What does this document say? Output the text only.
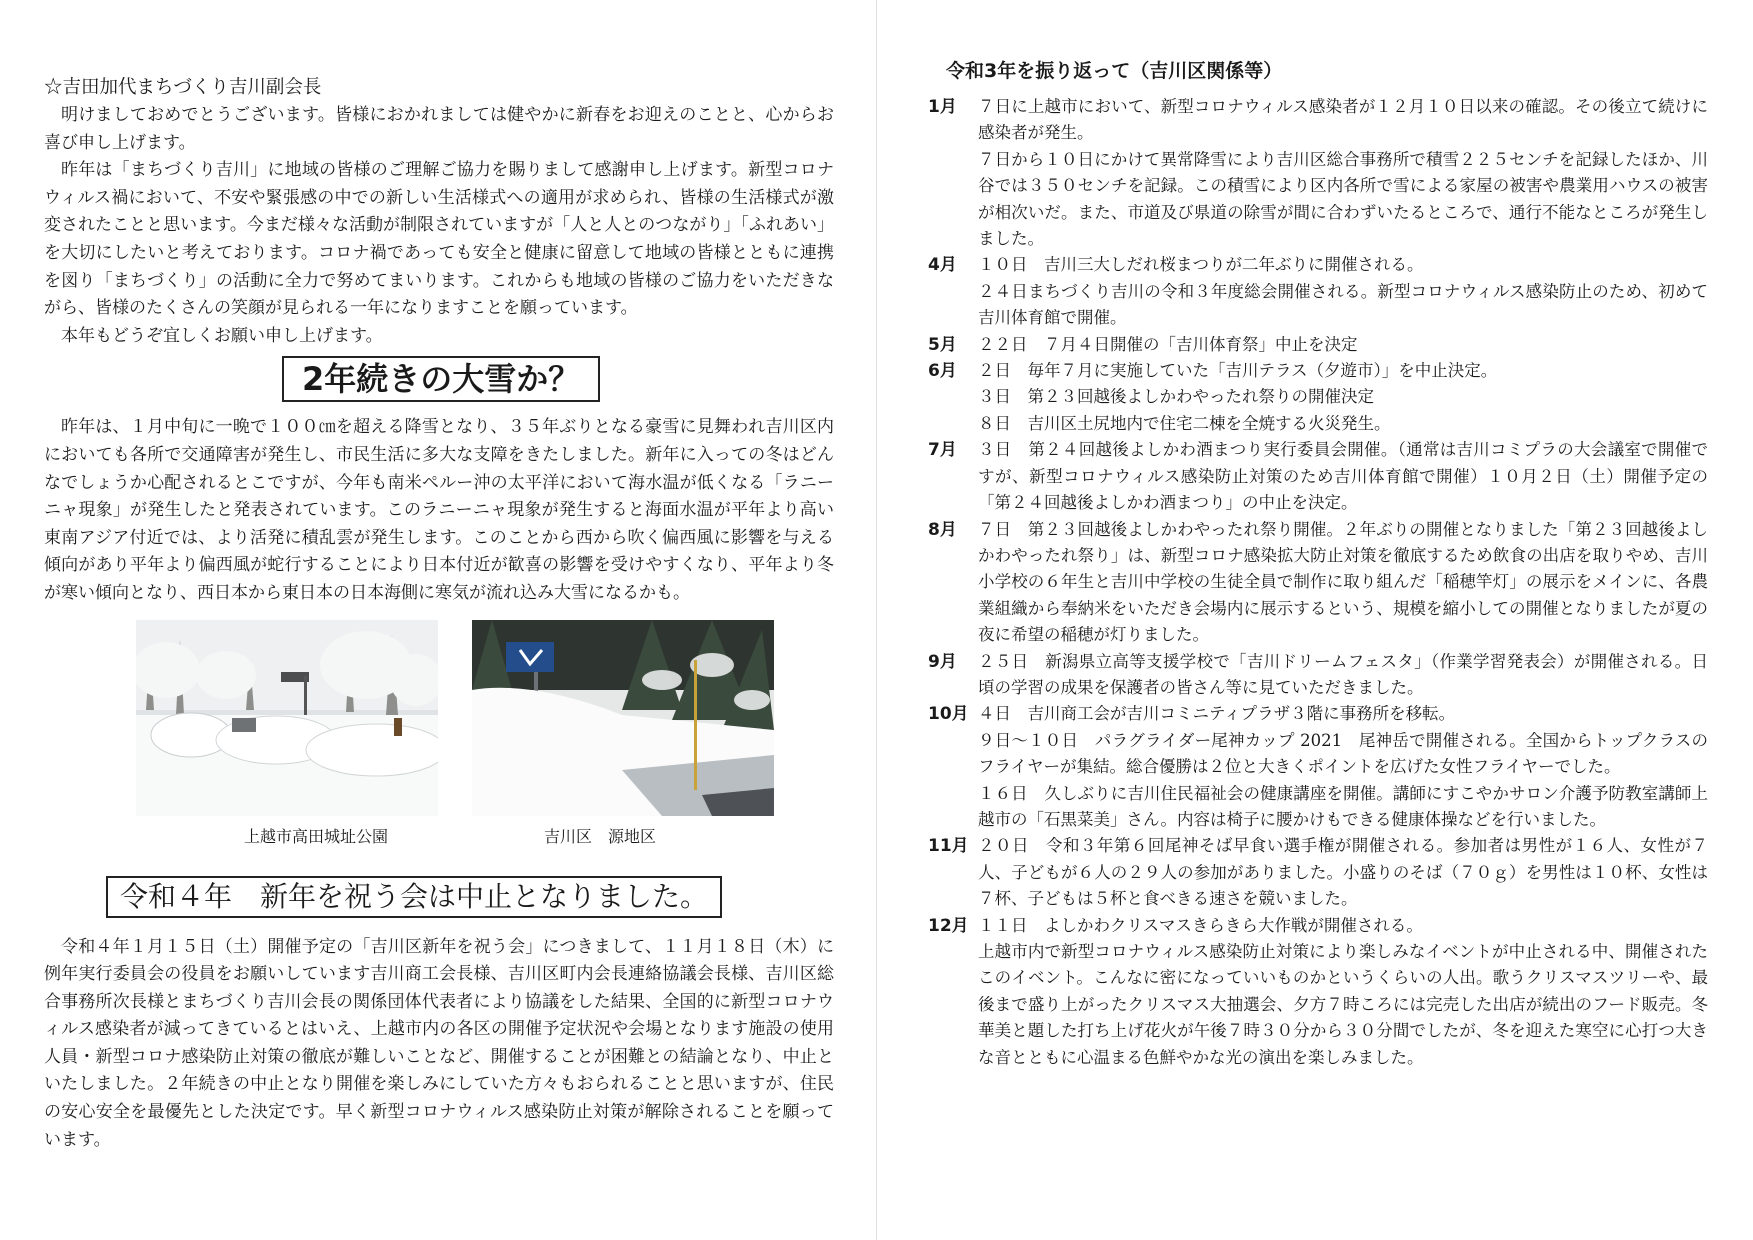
☆吉田加代まちづくり吉川副会長

明けましておめでとうございます。皆様におかれましては健やかに新春をお迎えのことと、心からお喜び申し上げます。

昨年は「まちづくり吉川」に地域の皆様のご理解ご協力を賜りまして感謝申し上げます。新型コロナウィルス禍において、不安や緊張感の中での新しい生活様式への適用が求められ、皆様の生活様式が激変されたことと思います。今まだ様々な活動が制限されていますが「人と人とのつながり」「ふれあい」を大切にしたいと考えております。コロナ禍であっても安全と健康に留意して地域の皆様とともに連携を図り「まちづくり」の活動に全力で努めてまいります。これからも地域の皆様のご協力をいただきながら、皆様のたくさんの笑顔が見られる一年になりますことを願っています。

本年もどうぞ宜しくお願い申し上げます。

2年続きの大雪か？

昨年は、１月中旬に一晩で１００㎝を超える降雪となり、３５年ぶりとなる豪雪に見舞われ吉川区内においても各所で交通障害が発生し、市民生活に多大な支障をきたしました。新年に入っての冬はどんなでしょうか心配されるとこですが、今年も南米ペルー沖の太平洋において海水温が低くなる「ラニーニャ現象」が発生したと発表されています。このラニーニャ現象が発生すると海面水温が平年より高い東南アジア付近では、より活発に積乱雲が発生します。このことから西から吹く偏西風に影響を与える傾向があり平年より偏西風が蛇行することにより日本付近が歓喜の影響を受けやすくなり、平年より冬が寒い傾向となり、西日本から東日本の日本海側に寒気が流れ込み大雪になるかも。

上越市高田城址公園	吉川区　源地区
令和４年　新年を祝う会は中止となりました。

令和４年１月１５日（土）開催予定の「吉川区新年を祝う会」につきまして、１１月１８日（木）に例年実行委員会の役員をお願いしています吉川商工会長様、吉川区町内会長連絡協議会長様、吉川区総合事務所次長様とまちづくり吉川会長の関係団体代表者により協議をした結果、全国的に新型コロナウィルス感染者が減ってきているとはいえ、上越市内の各区の開催予定状況や会場となります施設の使用人員・新型コロナ感染防止対策の徹底が難しいことなど、開催することが困難との結論となり、中止といたしました。２年続きの中止となり開催を楽しみにしていた方々もおられることと思いますが、住民の安心安全を最優先とした決定です。早く新型コロナウィルス感染防止対策が解除されることを願っています。

令和3年を振り返って（吉川区関係等）
1月	７日に上越市において、新型コロナウィルス感染者が１２月１０日以来の確認。その後立て続けに感染者が発生。

７日から１０日にかけて異常降雪により吉川区総合事務所で積雪２２５センチを記録したほか、川谷では３５０センチを記録。この積雪により区内各所で雪による家屋の被害や農業用ハウスの被害が相次いだ。また、市道及び県道の除雪が間に合わずいたるところで、通行不能なところが発生しました。

4月	１０日　吉川三大しだれ桜まつりが二年ぶりに開催される。

２４日まちづくり吉川の令和３年度総会開催される。新型コロナウィルス感染防止のため、初めて吉川体育館で開催。

5月	２２日　７月４日開催の「吉川体育祭」中止を決定

6月	２日　毎年７月に実施していた「吉川テラス（夕遊市）」を中止決定。

３日　第２３回越後よしかわやったれ祭りの開催決定

８日　吉川区土尻地内で住宅二棟を全焼する火災発生。

7月	３日　第２４回越後よしかわ酒まつり実行委員会開催。（通常は吉川コミプラの大会議室で開催ですが、新型コロナウィルス感染防止対策のため吉川体育館で開催）１０月２日（土）開催予定の「第２４回越後よしかわ酒まつり」の中止を決定。

8月	７日　第２３回越後よしかわやったれ祭り開催。２年ぶりの開催となりました「第２３回越後よしかわやったれ祭り」は、新型コロナ感染拡大防止対策を徹底するため飲食の出店を取りやめ、吉川小学校の６年生と吉川中学校の生徒全員で制作に取り組んだ「稲穂竿灯」の展示をメインに、各農業組織から奉納米をいただき会場内に展示するという、規模を縮小しての開催となりましたが夏の夜に希望の稲穂が灯りました。

9月	２５日　新潟県立高等支援学校で「吉川ドリームフェスタ」（作業学習発表会）が開催される。日頃の学習の成果を保護者の皆さん等に見ていただきました。

10月 ４日　吉川商工会が吉川コミニティプラザ３階に事務所を移転。

９日～１０日　パラグライダー尾神カップ 2021　尾神岳で開催される。全国からトップクラスのフライヤーが集結。総合優勝は２位と大きくポイントを広げた女性フライヤーでした。

１６日　久しぶりに吉川住民福祉会の健康講座を開催。講師にすこやかサロン介護予防教室講師上越市の「石黒菜美」さん。内容は椅子に腰かけもできる健康体操などを行いました。

11月 ２０日　令和３年第６回尾神そば早食い選手権が開催される。参加者は男性が１６人、女性が７人、子どもが６人の２９人の参加がありました。小盛りのそば（７０ｇ）を男性は１０杯、女性は７杯、子どもは５杯と食べきる速さを競いました。

12月 １１日　よしかわクリスマスきらきら大作戦が開催される。

上越市内で新型コロナウィルス感染防止対策により楽しみなイベントが中止される中、開催されたこのイベント。こんなに密になっていいものかというくらいの人出。歌うクリスマスツリーや、最後まで盛り上がったクリスマス大抽選会、夕方７時ころには完売した出店が続出のフード販売。冬華美と題した打ち上げ花火が午後７時３０分から３０分間でしたが、冬を迎えた寒空に心打つ大きな音とともに心温まる色鮮やかな光の演出を楽しみました。
